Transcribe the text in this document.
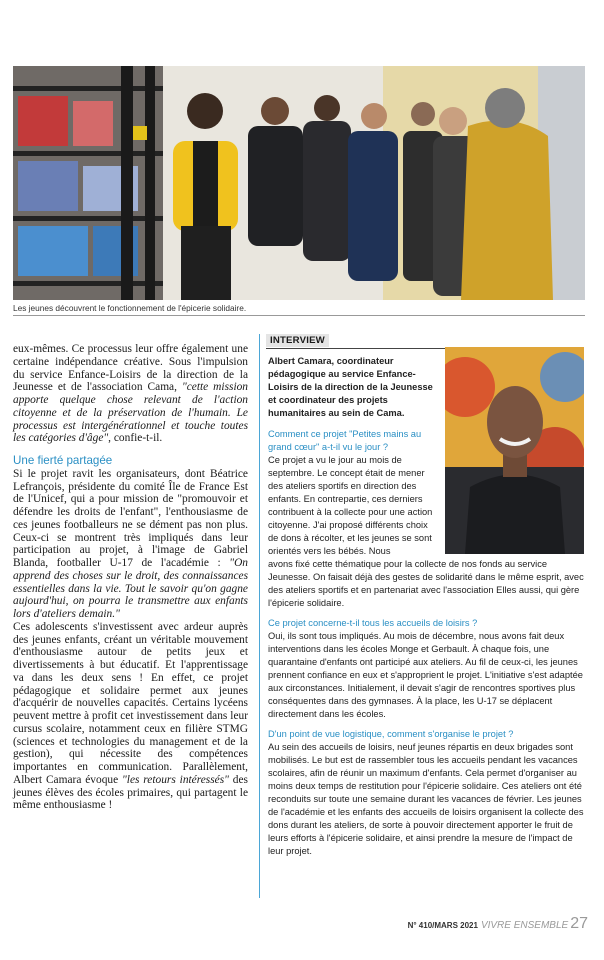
Les jeunes découvrent le fonctionnement de l'épicerie solidaire.

eux-mêmes. Ce processus leur offre également une certaine indépendance créative. Sous l'impulsion du service Enfance-Loisirs de la direction de la Jeunesse et de l'association Cama, "cette mission apporte quelque chose relevant de l'action citoyenne et de la préservation de l'humain. Le processus est intergénérationnel et touche toutes les catégories d'âge", confie-t-il.

Une fierté partagée

Si le projet ravit les organisateurs, dont Béatrice Lefrançois, présidente du comité Île de France Est de l'Unicef, qui a pour mission de "promouvoir et défendre les droits de l'enfant", l'enthousiasme de ces jeunes footballeurs ne se dément pas non plus. Ceux-ci se montrent très impliqués dans leur participation au projet, à l'image de Gabriel Blanda, footballer U-17 de l'académie : "On apprend des choses sur le droit, des connaissances essentielles dans la vie. Tout le savoir qu'on gagne aujourd'hui, on pourra le transmettre aux enfants lors d'ateliers demain."

Ces adolescents s'investissent avec ardeur auprès des jeunes enfants, créant un véritable mouvement d'enthousiasme autour de petits jeux et divertissements à but éducatif. Et l'apprentissage va dans les deux sens ! En effet, ce projet pédagogique et solidaire permet aux jeunes d'acquérir de nouvelles capacités. Certains lycéens peuvent mettre à profit cet investissement dans leur cursus scolaire, notamment ceux en filière STMG (sciences et technologies du management et de la gestion), qui nécessite des compétences importantes en communication. Parallèlement, Albert Camara évoque "les retours intéressés" des jeunes élèves des écoles primaires, qui partagent le même enthousiasme !

INTERVIEW

Albert Camara, coordinateur pédagogique au service Enfance-Loisirs de la direction de la Jeunesse et coordinateur des projets humanitaires au sein de Cama.

Comment ce projet "Petites mains au grand cœur" a-t-il vu le jour ?

Ce projet a vu le jour au mois de septembre. Le concept était de mener des ateliers sportifs en direction des enfants. En contrepartie, ces derniers contribuent à la collecte pour une action citoyenne. J'ai proposé différents choix de dons à récolter, et les jeunes se sont orientés vers les bébés. Nous

avons fixé cette thématique pour la collecte de nos fonds au service Jeunesse. On faisait déjà des gestes de solidarité dans le même esprit, avec des ateliers sportifs et en partenariat avec l'association Elles aussi, qui gère l'épicerie solidaire.

Ce projet concerne-t-il tous les accueils de loisirs ?

Oui, ils sont tous impliqués. Au mois de décembre, nous avons fait deux interventions dans les écoles Monge et Gerbault. À chaque fois, une quarantaine d'enfants ont participé aux ateliers. Au fil de ceux-ci, les jeunes prennent confiance en eux et s'approprient le projet. L'initiative s'est adaptée aux circonstances. Initialement, il devait s'agir de rencontres sportives plus conséquentes dans des gymnases. À la place, les U-17 se déplacent directement dans les écoles.

D'un point de vue logistique, comment s'organise le projet ?

Au sein des accueils de loisirs, neuf jeunes répartis en deux brigades sont mobilisés. Le but est de rassembler tous les accueils pendant les vacances scolaires, afin de réunir un maximum d'enfants. Cela permet d'organiser au moins deux temps de restitution pour l'épicerie solidaire. Ces ateliers ont été reconduits sur toute une semaine durant les vacances de février. Les jeunes de l'académie et les enfants des accueils de loisirs organisent la collecte des dons durant les ateliers, de sorte à pouvoir directement apporter le fruit de leurs efforts à l'épicerie solidaire, et ainsi prendre la mesure de l'impact de leur projet.

N° 410/MARS 2021 VIVRE ENSEMBLE 27
